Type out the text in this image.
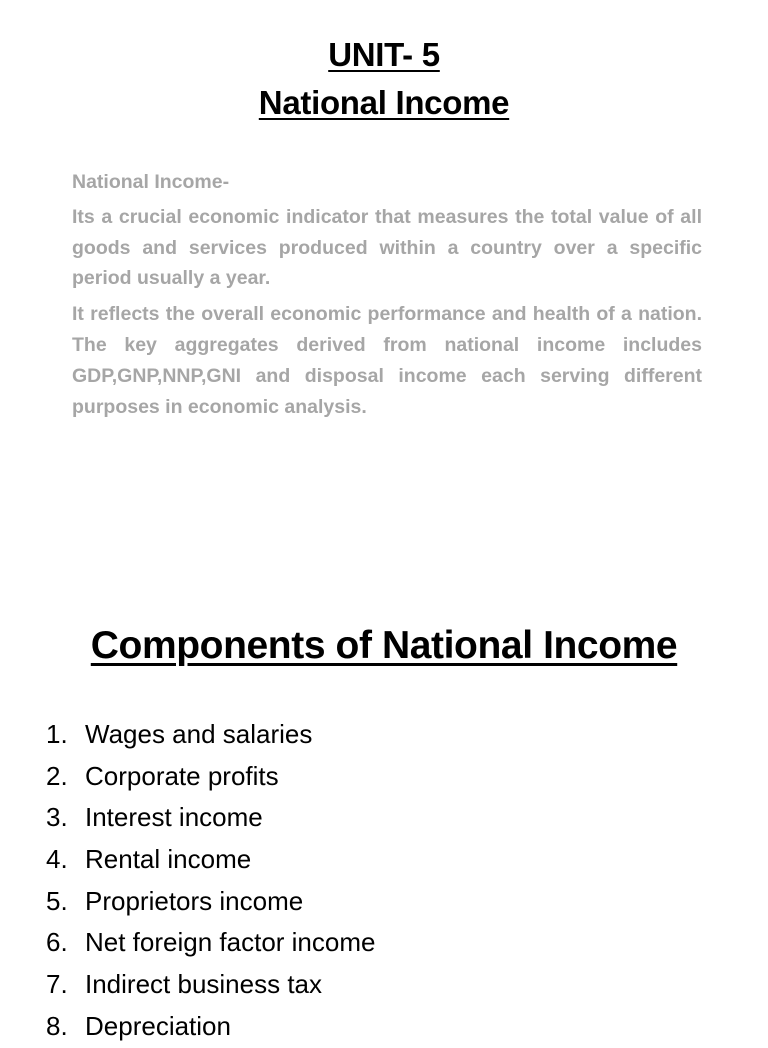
UNIT- 5
National Income

National Income-

Its a crucial economic indicator that measures the total value of all goods and services produced within a country over a specific period usually a year.

It reflects the overall economic performance and health of a nation. The key aggregates derived from national income includes GDP,GNP,NNP,GNI and disposal income each serving different purposes in economic analysis.

Components of National Income
1. Wages and salaries
2. Corporate profits
3. Interest income
4. Rental income
5. Proprietors income
6. Net foreign factor income
7. Indirect business tax
8. Depreciation
